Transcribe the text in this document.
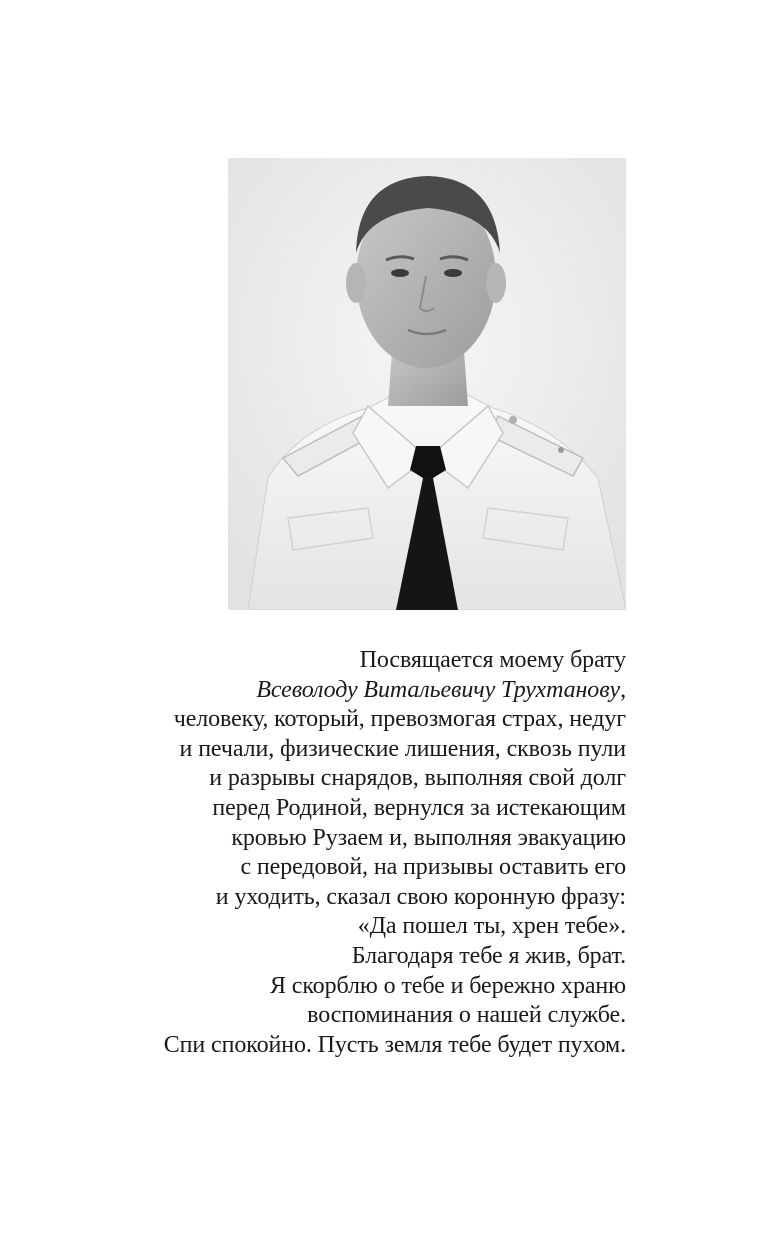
Посвящается моему брату
Всеволоду Витальевичу Трухтанову,
человеку, который, превозмогая страх, недуг
и печали, физические лишения, сквозь пули
и разрывы снарядов, выполняя свой долг
перед Родиной, вернулся за истекающим
кровью Рузаем и, выполняя эвакуацию
с передовой, на призывы оставить его
и уходить, сказал свою коронную фразу:
«Да пошел ты, хрен тебе».
Благодаря тебе я жив, брат.
Я скорблю о тебе и бережно храню
воспоминания о нашей службе.
Спи спокойно. Пусть земля тебе будет пухом.
